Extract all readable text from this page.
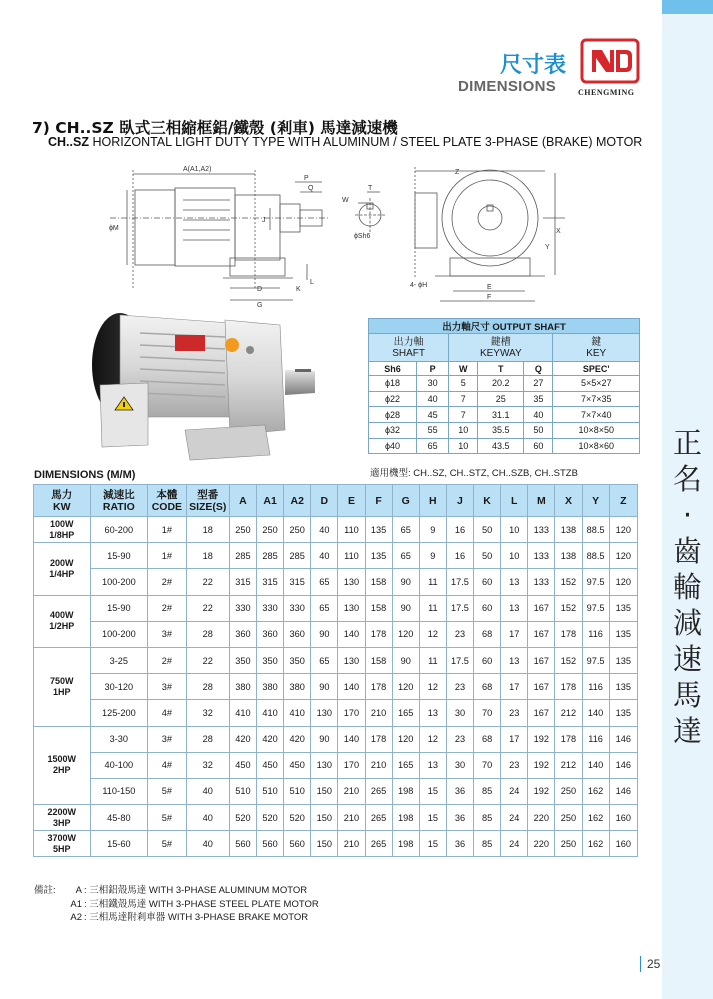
正
名
·
齒
輪
減
速
馬
達
尺寸表
DIMENSIONS	CHENGMING
7) CH..SZ 臥式三相縮框鋁/鐵殼 (剎車) 馬達減速機
CH..SZ HORIZONTAL LIGHT DUTY TYPE WITH ALUMINUM / STEEL PLATE 3-PHASE (BRAKE) MOTOR
A(A1,A2)
P
Q
ϕM
J
D	K
L
G
T
W
ϕSh6
Z
X
Y
4- ϕH	E
F
出力軸尺寸 OUTPUT SHAFT					
出力軸
SHAFT		鍵槽
KEYWAY			鍵
KEY
Sh6	P	W	T	Q	SPEC'
ϕ18	30	5	20.2	27	5×5×27
ϕ22	40	7	25	35	7×7×35
ϕ28	45	7	31.1	40	7×7×40
ϕ32	55	10	35.5	50	10×8×50
ϕ40	65	10	43.5	60	10×8×60
適用機型: CH..SZ, CH..STZ, CH..SZB, CH..STZB
DIMENSIONS (M/M)
馬力
KW	減速比
RATIO	本體
CODE	型番
SIZE(S)	A	A1	A2	D	E	F	G	H	J	K	L	M	X	Y	Z
100W
1/8HP	60-200	1#	18	250	250	250	40	110	135	65	9	16	50	10	133	138	88.5	120
200W
1/4HP	15-90	1#	18	285	285	285	40	110	135	65	9	16	50	10	133	138	88.5	120
	100-200	2#	22	315	315	315	65	130	158	90	11	17.5	60	13	133	152	97.5	120
400W
1/2HP	15-90	2#	22	330	330	330	65	130	158	90	11	17.5	60	13	167	152	97.5	135
	100-200	3#	28	360	360	360	90	140	178	120	12	23	68	17	167	178	116	135
750W
1HP	3-25	2#	22	350	350	350	65	130	158	90	11	17.5	60	13	167	152	97.5	135
	30-120	3#	28	380	380	380	90	140	178	120	12	23	68	17	167	178	116	135
	125-200	4#	32	410	410	410	130	170	210	165	13	30	70	23	167	212	140	135
1500W
2HP	3-30	3#	28	420	420	420	90	140	178	120	12	23	68	17	192	178	116	146
	40-100	4#	32	450	450	450	130	170	210	165	13	30	70	23	192	212	140	146
	110-150	5#	40	510	510	510	150	210	265	198	15	36	85	24	192	250	162	146
2200W
3HP	45-80	5#	40	520	520	520	150	210	265	198	15	36	85	24	220	250	162	160
3700W
5HP	15-60	5#	40	560	560	560	150	210	265	198	15	36	85	24	220	250	162	160
備註:	A : 三相鋁殼馬達 WITH 3-PHASE ALUMINUM MOTOR
A1 : 三相鐵殼馬達 WITH 3-PHASE STEEL PLATE MOTOR
A2 : 三相馬達附剎車器 WITH 3-PHASE BRAKE MOTOR
25
